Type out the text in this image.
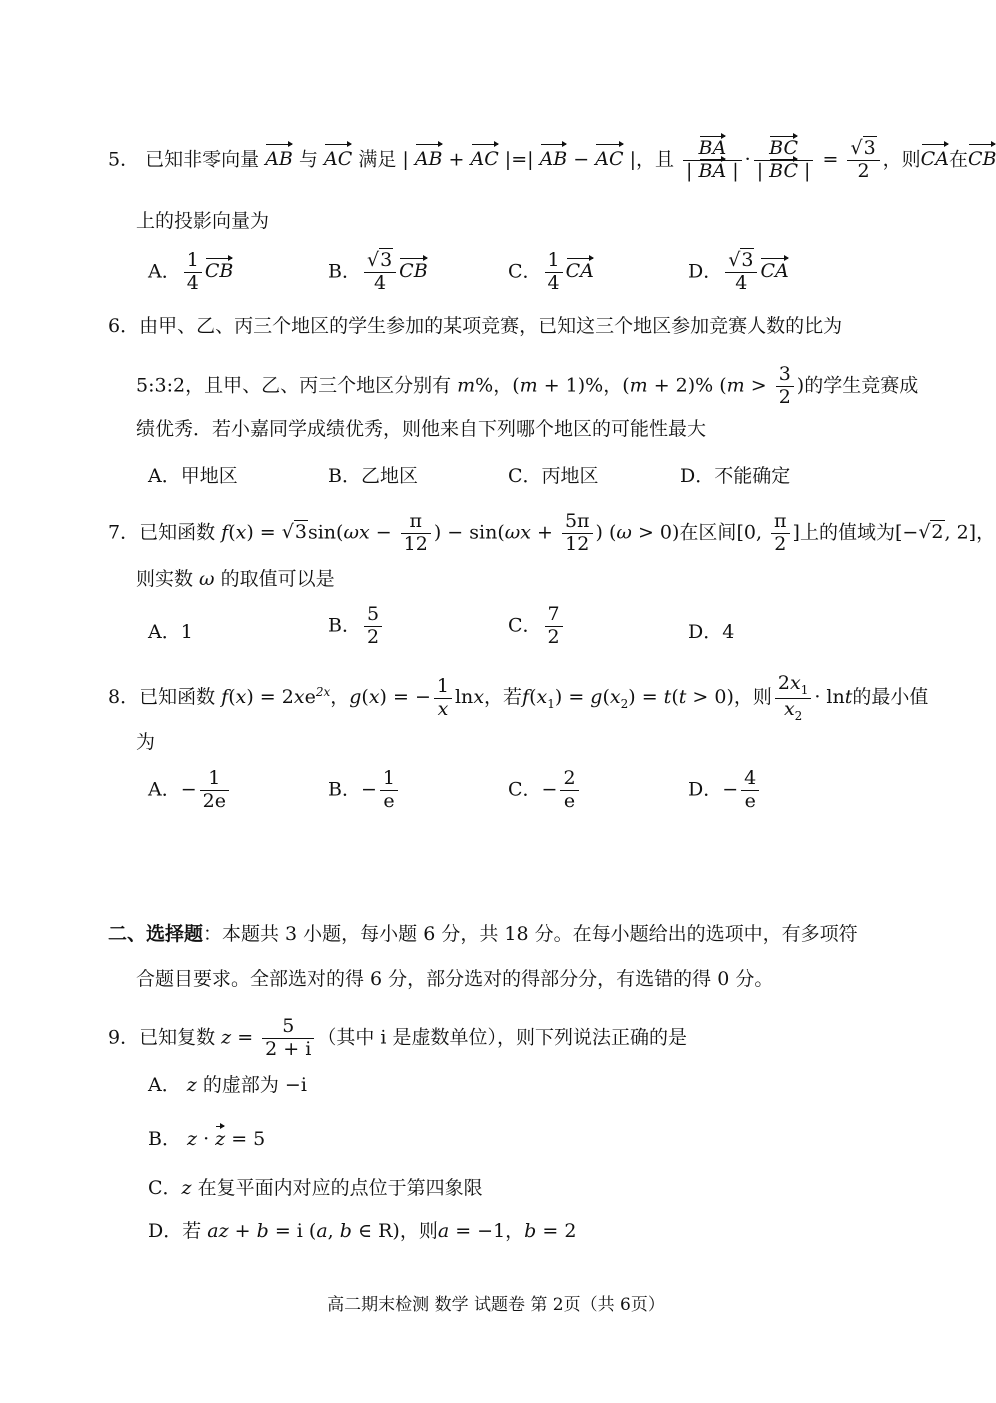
5． 已知非零向量 AB 与 AC 满足 | AB + AC |=| AB − AC |，且 $\frac{BA}{| BA |} \cdot \frac{BC}{| BC |} = \frac{√3}{2}$ ，则CA在CB
上的投影向量为
A． $\frac{1}{4}$ CB	B． $\frac{√3}{4}$ CB	C． $\frac{1}{4}$ CA	D． $\frac{√3}{4}$ CA
6．由甲、乙、丙三个地区的学生参加的某项竞赛，已知这三个地区参加竞赛人数的比为
5:3:2，且甲、乙、丙三个地区分别有 m%，(m + 1)%，(m + 2)% ($m > \frac{3}{2}$ )的学生竞赛成
绩优秀．若小嘉同学成绩优秀，则他来自下列哪个地区的可能性最大
A．甲地区	B．乙地区	C．丙地区	D．不能确定
7．已知函数 $f(x) = √3\sin(\omega x - \frac{\pi}{12}$ ) − $\sin(\omega x + \frac{5\pi}{12}$ ) (ω > 0)在区间[0, $\frac{\pi}{2}$ ]上的值域为[−√2, 2]，
则实数 ω 的取值可以是
A．1	B． $\frac{5}{2}$	C． $\frac{7}{2}$	D．4
8．已知函数 $f(x) = 2xe^{2x}$，g(x) = − $\frac{1}{x}$ lnx，若$f(x_1) = g(x_2) = t(t > 0)$，则 $\frac{2x_1}{x_2} \cdot \ln t$的最小值
为
A．− $\frac{1}{2e}$	B．− $\frac{1}{e}$	C．− $\frac{2}{e}$	D．− $\frac{4}{e}$
二、选择题：本题共 3 小题，每小题 6 分，共 18 分。在每小题给出的选项中，有多项符
合题目要求。全部选对的得 6 分，部分选对的得部分分，有选错的得 0 分。
9．已知复数 $z = \frac{5}{2 + i}$ （其中 i 是虚数单位），则下列说法正确的是
A． z 的虚部为 −i
B． z · z = 5
C．z 在复平面内对应的点位于第四象限
D．若 az + b = i (a, b ∈ R)，则a = −1，b = 2
高二期末检测 数学 试题卷 第 2页（共 6页）
